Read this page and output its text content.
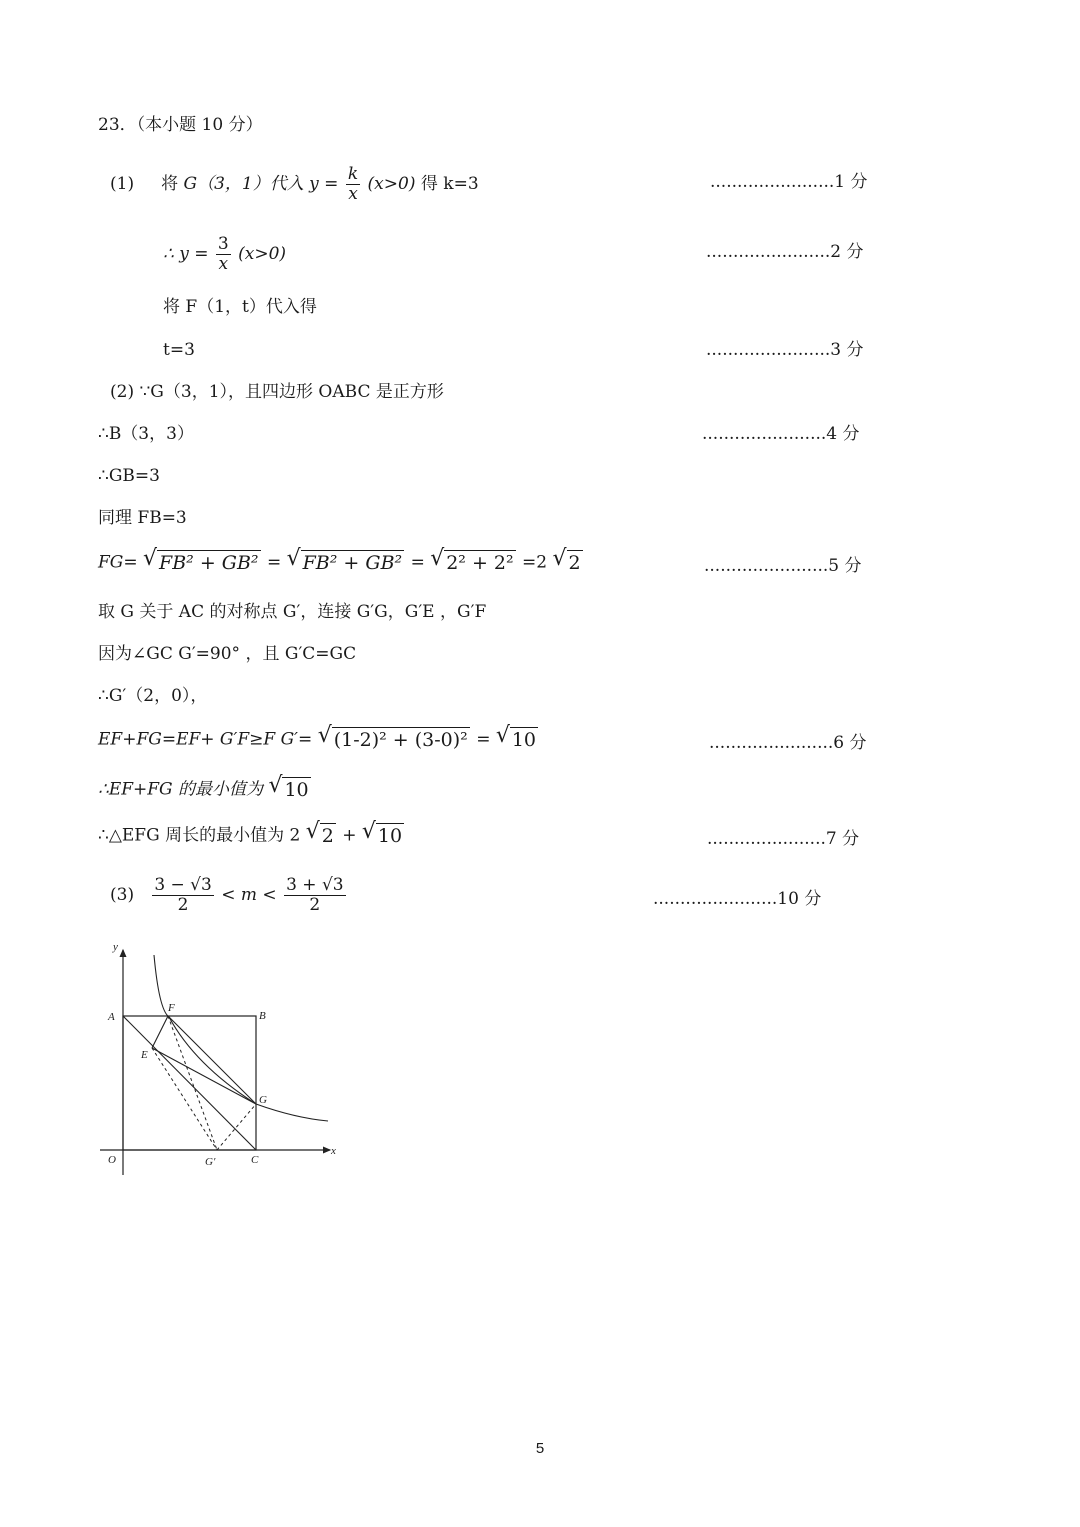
23．（本小题 10 分）
(1) 将 G（3，1）代入 $y = \frac{k}{x} (x>0)$ 得 k=3	.......................1 分
∴ $y = \frac{3}{x} (x>0)$	.......................2 分
将 F（1，t）代入得
t=3	.......................3 分
(2) ∵G（3，1），且四边形 OABC 是正方形
∴B（3，3）	.......................4 分
∴GB=3
同理 FB=3
FG= √ FB² + GB² = √ FB² + GB² = √ 2² + 2² =2 √ 2	.......................5 分
取 G 关于 AC 的对称点 G′，连接 G′G，G′E ，G′F
因为∠GC G′=90° ，且 G′C=GC
∴G′（2，0），
EF+FG=EF+ G′F≥F G′= √ (1-2)² + (3-0)² = √ 10	.......................6 分
∴EF+FG 的最小值为 √ 10
∴△EFG 周长的最小值为 2 √ 2 + √ 10	......................7 分
$(3) \frac{3 - √3}{2} < m < \frac{3 + √3}{2}$	.......................10 分
y
x
O
A	B
C
E
F
G
G′
5
